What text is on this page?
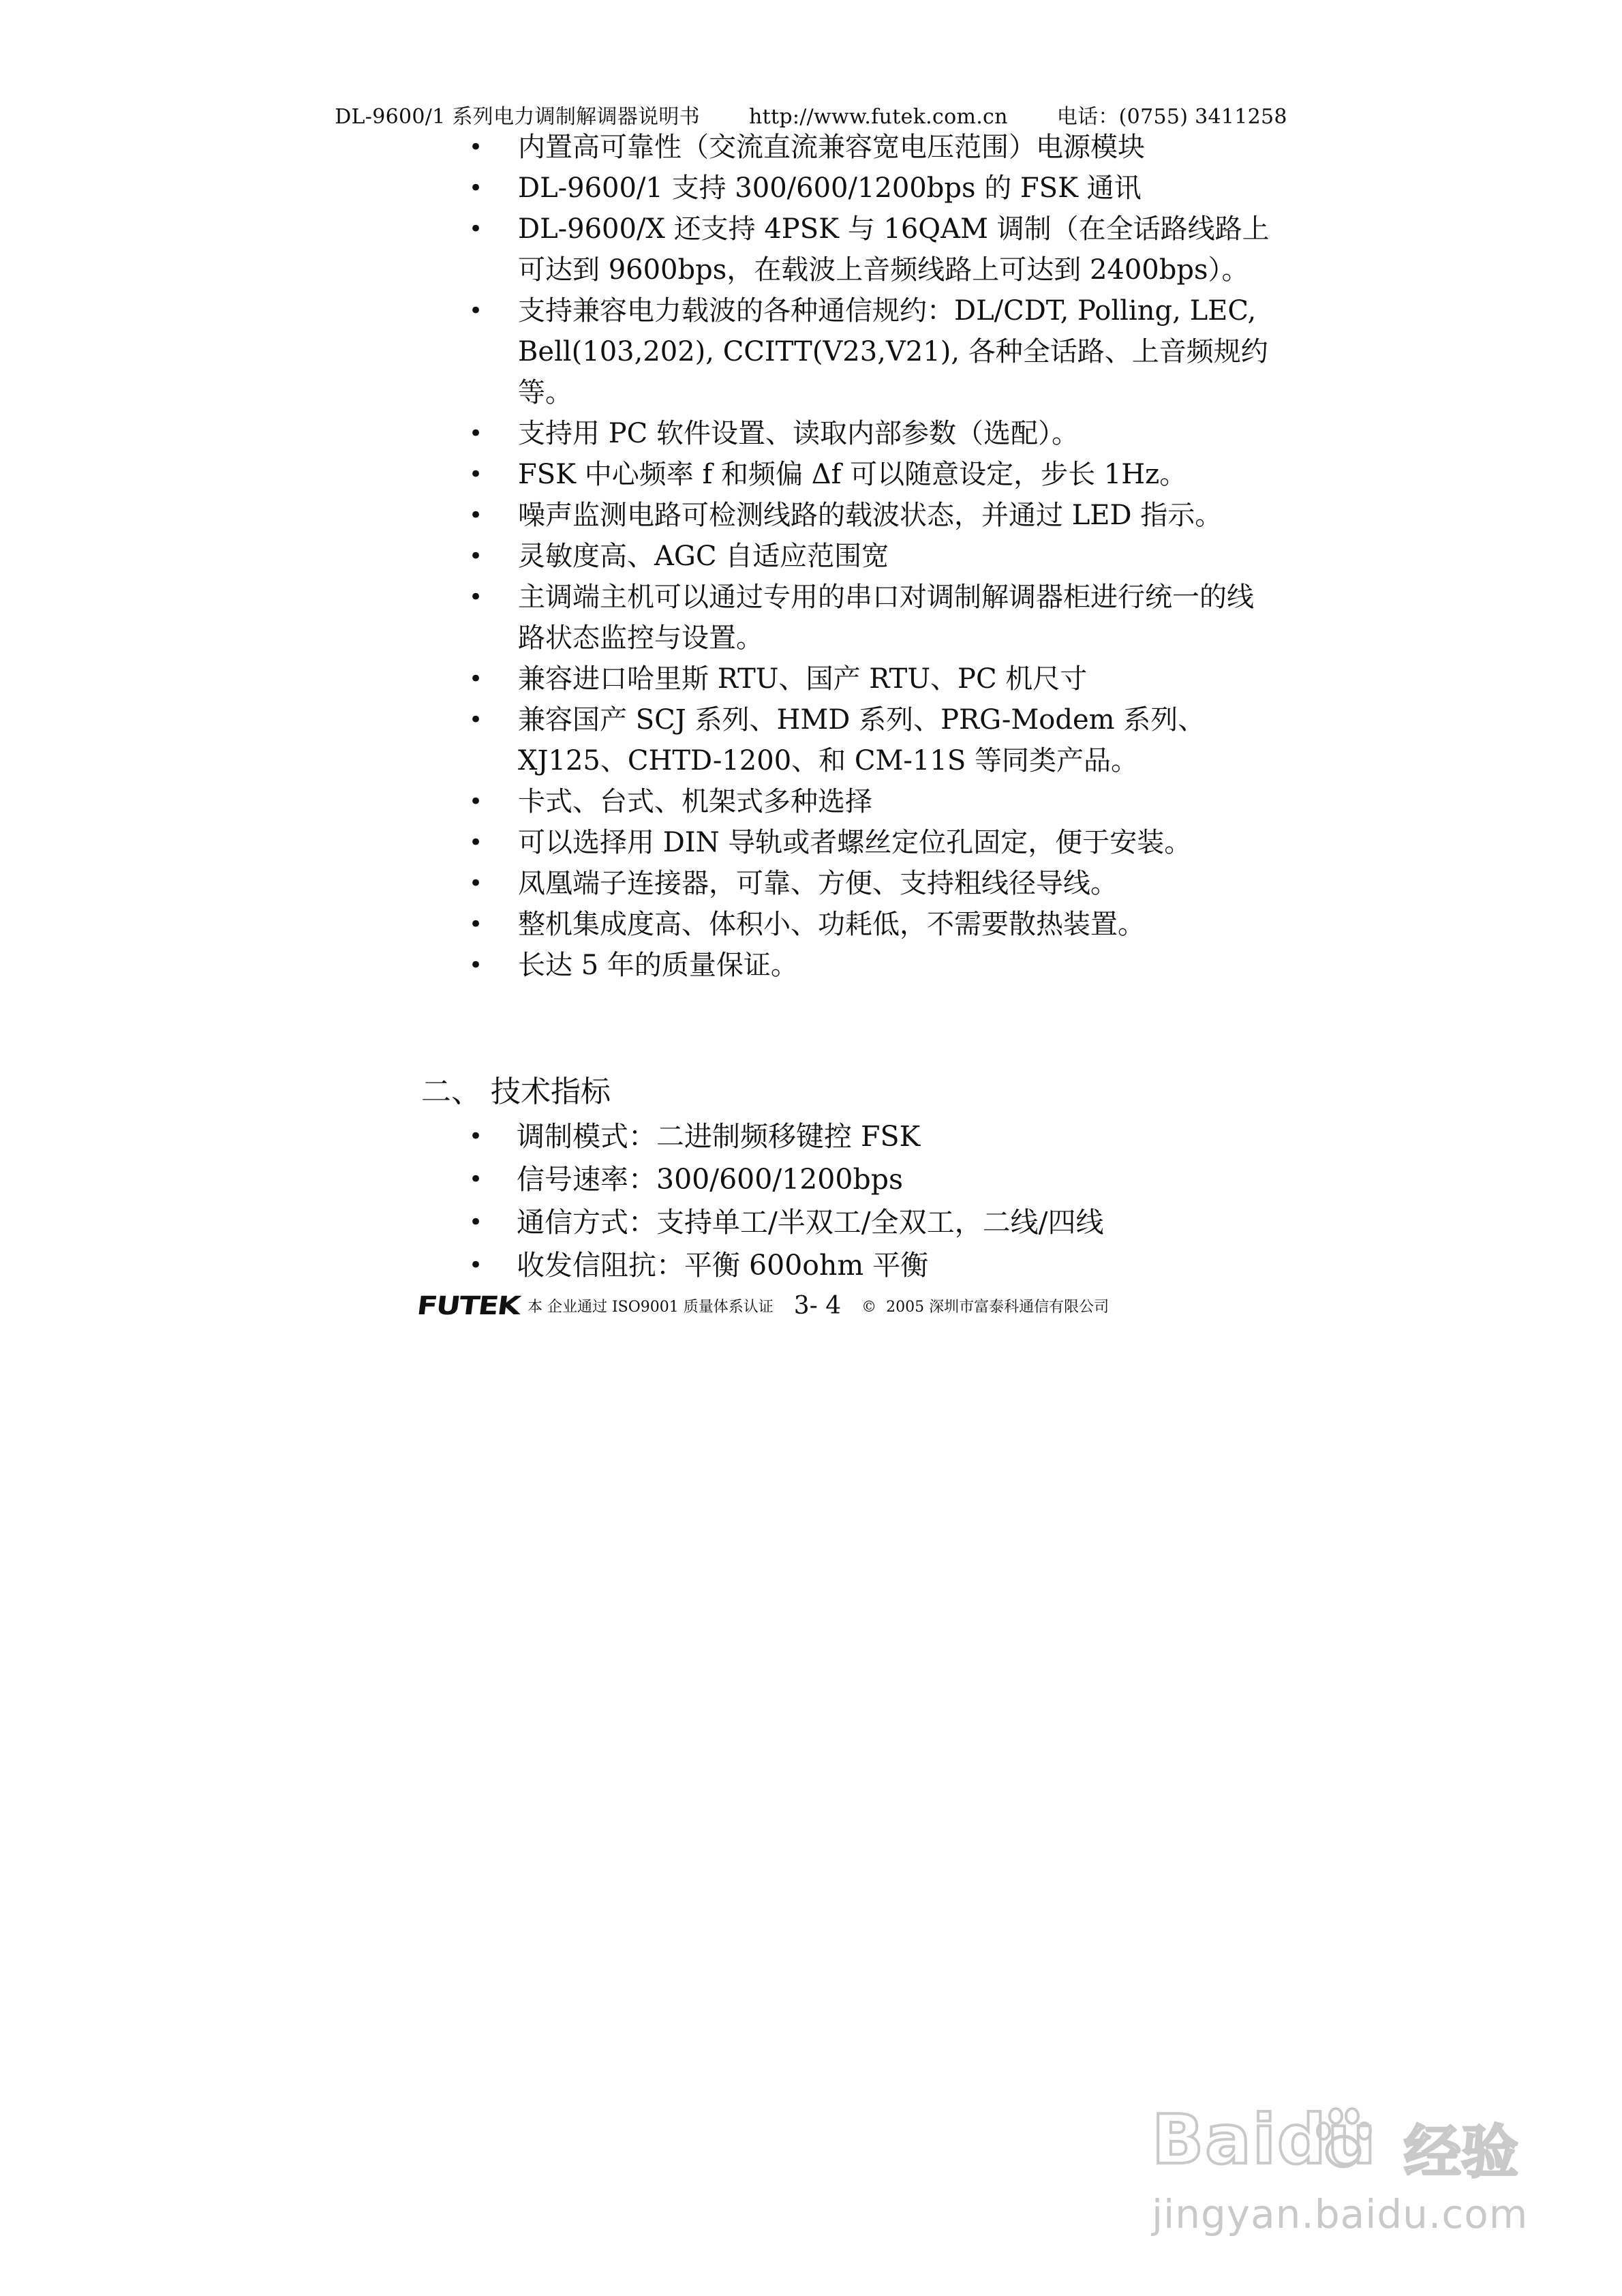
DL-9600/1 系列电力调制解调器说明书 http://www.futek.com.cn 电话：(0755) 3411258
• 内置高可靠性（交流直流兼容宽电压范围）电源模块
• DL-9600/1 支持 300/600/1200bps 的 FSK 通讯
• DL-9600/X 还支持 4PSK 与 16QAM 调制（在全话路线路上可达到 9600bps，在载波上音频线路上可达到 2400bps）。
• 支持兼容电力载波的各种通信规约：DL/CDT, Polling, LEC, Bell(103,202), CCITT(V23,V21), 各种全话路、上音频规约等。
• 支持用 PC 软件设置、读取内部参数（选配）。
• FSK 中心频率 f 和频偏 Δf 可以随意设定，步长 1Hz。
• 噪声监测电路可检测线路的载波状态，并通过 LED 指示。
• 灵敏度高、AGC 自适应范围宽
• 主调端主机可以通过专用的串口对调制解调器柜进行统一的线路状态监控与设置。
• 兼容进口哈里斯 RTU、国产 RTU、PC 机尺寸
• 兼容国产 SCJ 系列、HMD 系列、PRG-Modem 系列、XJ125、CHTD-1200、和 CM-11S 等同类产品。
• 卡式、台式、机架式多种选择
• 可以选择用 DIN 导轨或者螺丝定位孔固定，便于安装。
• 凤凰端子连接器，可靠、方便、支持粗线径导线。
• 整机集成度高、体积小、功耗低，不需要散热装置。
• 长达 5 年的质量保证。
二、 技术指标
• 调制模式：二进制频移键控 FSK
• 信号速率：300/600/1200bps
• 通信方式：支持单工/半双工/全双工，二线/四线
• 收发信阻抗：平衡 600ohm 平衡
FUTEK 本 企业通过 ISO9001 质量体系认证 3- 4 ©  2005 深圳市富泰科通信有限公司
Baidu 经验
jingyan.baidu.com
